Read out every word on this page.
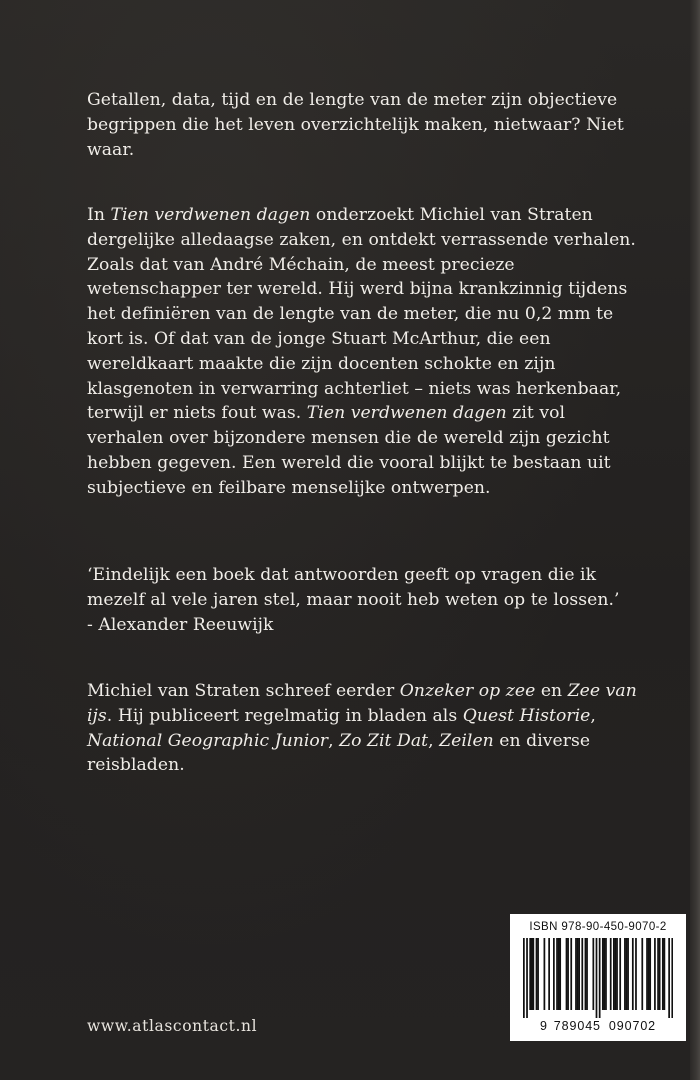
Getallen, data, tijd en de lengte van de meter zijn objectieve begrippen die het leven overzichtelijk maken, nietwaar? Niet waar.

In Tien verdwenen dagen onderzoekt Michiel van Straten dergelijke alledaagse zaken, en ontdekt verrassende verhalen. Zoals dat van André Méchain, de meest precieze wetenschapper ter wereld. Hij werd bijna krankzinnig tijdens het definiëren van de lengte van de meter, die nu 0,2 mm te kort is. Of dat van de jonge Stuart McArthur, die een wereldkaart maakte die zijn docenten schokte en zijn klasgenoten in verwarring achterliet – niets was herkenbaar, terwijl er niets fout was. Tien verdwenen dagen zit vol verhalen over bijzondere mensen die de wereld zijn gezicht hebben gegeven. Een wereld die vooral blijkt te bestaan uit subjectieve en feilbare menselijke ontwerpen.

‘Eindelijk een boek dat antwoorden geeft op vragen die ik mezelf al vele jaren stel, maar nooit heb weten op te lossen.’

- Alexander Reeuwijk

Michiel van Straten schreef eerder Onzeker op zee en Zee van ijs. Hij publiceert regelmatig in bladen als Quest Historie, National Geographic Junior, Zo Zit Dat, Zeilen en diverse reisbladen.

www.atlascontact.nl
ISBN 978-90-450-9070-2
9 789045 090702
